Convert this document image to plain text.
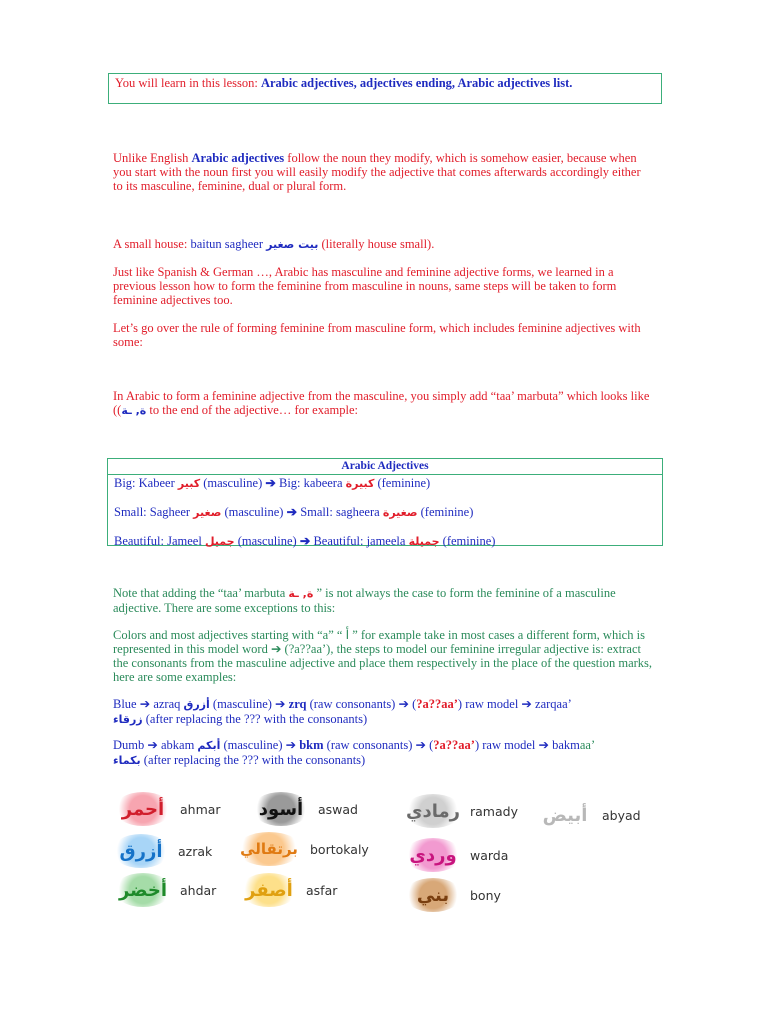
You will learn in this lesson: Arabic adjectives, adjectives ending, Arabic adjectives list.
Unlike English Arabic adjectives follow the noun they modify, which is somehow easier, because when you start with the noun first you will easily modify the adjective that comes afterwards accordingly either to its masculine, feminine, dual or plural form.
A small house: baitun sagheer بيت صغير (literally house small).
Just like Spanish & German …, Arabic has masculine and feminine adjective forms, we learned in a previous lesson how to form the feminine from masculine in nouns, same steps will be taken to form feminine adjectives too.
Let’s go over the rule of forming feminine from masculine form, which includes feminine adjectives with some:
In Arabic to form a feminine adjective from the masculine, you simply add “taa’ marbuta” which looks like ((ة, ـة to the end of the adjective… for example:
Arabic Adjectives
Big: Kabeer كبير (masculine) ➔ Big: kabeera كبيرة (feminine)
Small: Sagheer صغير (masculine) ➔ Small: sagheera صغيرة (feminine)
Beautiful: Jameel جميل (masculine) ➔ Beautiful: jameela جميلة (feminine)
Note that adding the “taa’ marbuta ة, ـة ” is not always the case to form the feminine of a masculine adjective. There are some exceptions to this:
Colors and most adjectives starting with “a” “ أ ” for example take in most cases a different form, which is represented in this model word ➔ (?a??aa’), the steps to model our feminine irregular adjective is: extract the consonants from the masculine adjective and place them respectively in the place of the question marks, here are some examples:
Blue ➔ azraq أزرق (masculine) ➔ zrq (raw consonants) ➔ (?a??aa’) raw model ➔ zarqaa’
زرقاء (after replacing the ??? with the consonants)
Dumb ➔ abkam أبكم (masculine) ➔ bkm (raw consonants) ➔ (?a??aa’) raw model ➔ bakmaa’
بكماء (after replacing the ??? with the consonants)
أحمر ahmar أسود aswad	رمادي ramady أبيض abyad
أزرق azrak برتقالي bortokaly وردي warda
أخضر ahdar أصفر asfar	بني bony
